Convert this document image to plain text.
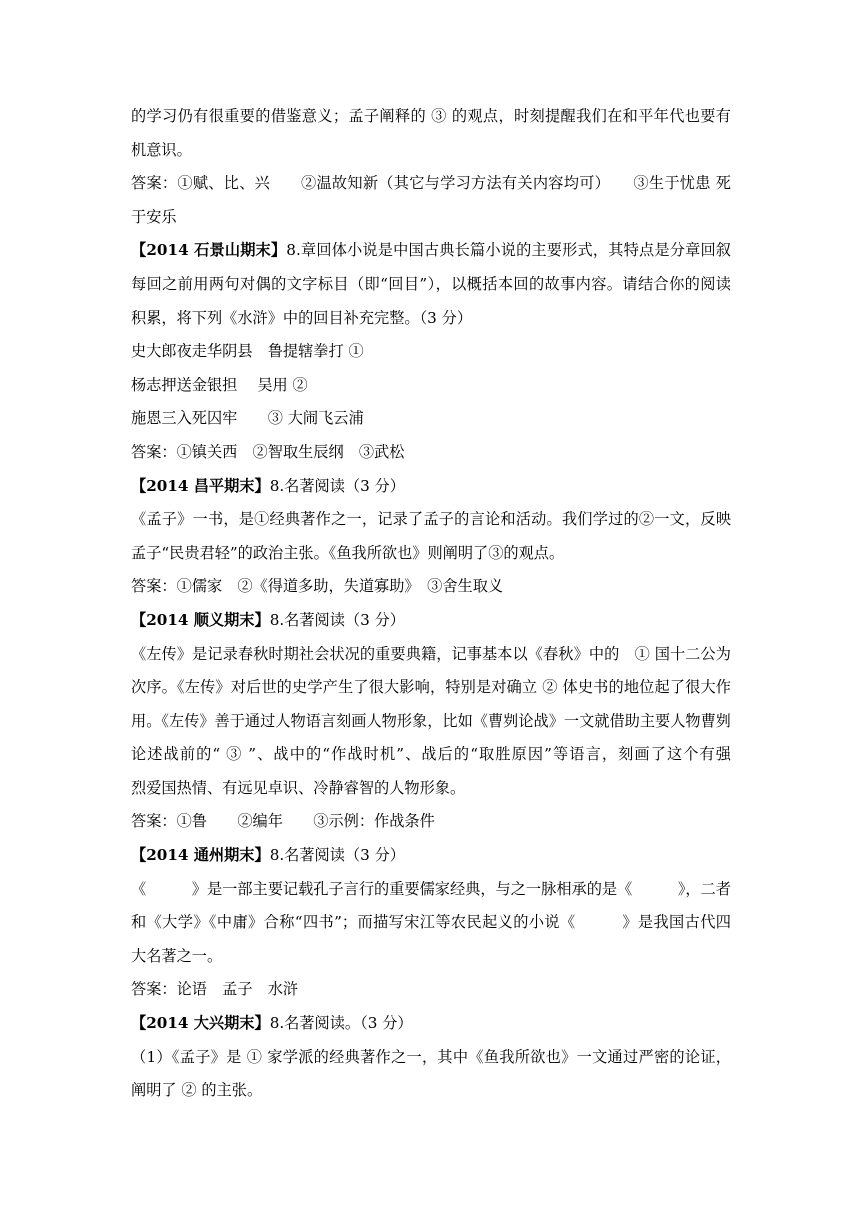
的学习仍有很重要的借鉴意义；孟子阐释的 ③ 的观点，时刻提醒我们在和平年代也要有
机意识。
答案：①赋、比、兴　　②温故知新（其它与学习方法有关内容均可）　　③生于忧患 死
于安乐
【2014 石景山期末】8.章回体小说是中国古典长篇小说的主要形式，其特点是分章回叙
每回之前用两句对偶的文字标目（即“回目”），以概括本回的故事内容。请结合你的阅读
积累，将下列《水浒》中的回目补充完整。（3 分）
史大郎夜走华阴县　鲁提辖拳打 ①
杨志押送金银担　 吴用 ②
施恩三入死囚牢　　③ 大闹飞云浦
答案：①镇关西　②智取生辰纲　③武松
【2014 昌平期末】8.名著阅读（3 分）
《孟子》一书，是①经典著作之一，记录了孟子的言论和活动。我们学过的②一文，反映
孟子“民贵君轻”的政治主张。《鱼我所欲也》则阐明了③的观点。
答案：①儒家　②《得道多助，失道寡助》　③舍生取义
【2014 顺义期末】8.名著阅读（3 分）
《左传》是记录春秋时期社会状况的重要典籍，记事基本以《春秋》中的　① 国十二公为
次序。《左传》对后世的史学产生了很大影响，特别是对确立 ② 体史书的地位起了很大作
用。《左传》善于通过人物语言刻画人物形象，比如《曹刿论战》一文就借助主要人物曹刿
论述战前的“ ③ ”、战中的“作战时机”、战后的“取胜原因”等语言，刻画了这个有强
烈爱国热情、有远见卓识、冷静睿智的人物形象。
答案：①鲁　　②编年　　③示例：作战条件
【2014 通州期末】8.名著阅读（3 分）
《　　　》是一部主要记载孔子言行的重要儒家经典，与之一脉相承的是《　　　》，二者
和《大学》《中庸》合称“四书”；而描写宋江等农民起义的小说《　　　》是我国古代四
大名著之一。
答案：论语　孟子　水浒
【2014 大兴期末】8.名著阅读。（3 分）
（1）《孟子》是 ① 家学派的经典著作之一，其中《鱼我所欲也》一文通过严密的论证，
阐明了 ② 的主张。
